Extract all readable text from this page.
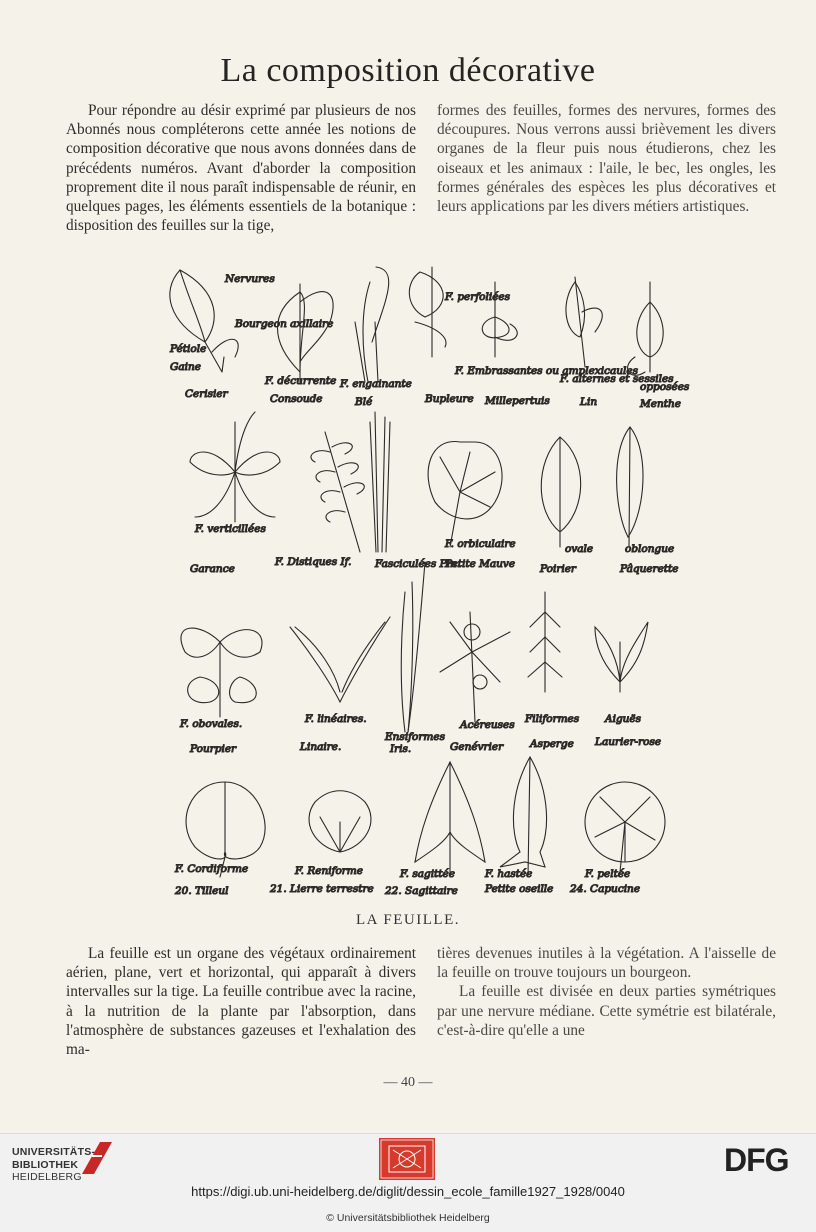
La composition décorative

Pour répondre au désir exprimé par plusieurs de nos Abonnés nous compléterons cette année les notions de composition décorative que nous avons données dans de précédents numéros. Avant d'aborder la composition proprement dite il nous paraît indispensable de réunir, en quelques pages, les éléments essentiels de la botanique : disposition des feuilles sur la tige,

formes des feuilles, formes des nervures, formes des découpures. Nous verrons aussi brièvement les divers organes de la fleur puis nous étudierons, chez les oiseaux et les animaux : l'aile, le bec, les ongles, les formes générales des espèces les plus décoratives et leurs applications par les divers métiers artistiques.

Nervures
Bourgeon axillaire
Pétiole
Gaine
Cerisier
F. décurrente
Consoude
F. engainante
Blé
F. perfoliées
Bupleure
F. Embrassantes ou amplexicaules
Millepertuis
F. alternes et sessiles
Lin
opposées
Menthe
F. verticillées
Garance
F. Distiques If. Fasciculées Pin.
F. orbiculaire
Petite Mauve
ovale
Poirier
oblongue
Pâquerette
F. obovales.
Pourpier
F. linéaires.
Linaire.
Ensiformes
Iris.
Acéreuses
Genévrier
Filiformes
Asperge
Aiguës
Laurier-rose
F. Cordiforme
20. Tilleul
F. Reniforme
21. Lierre terrestre
F. sagittée
22. Sagittaire
F. hastée
Petite oseille
F. peltée
24. Capucine
LA FEUILLE.

La feuille est un organe des végétaux ordinairement aérien, plane, vert et horizontal, qui apparaît à divers intervalles sur la tige. La feuille contribue avec la racine, à la nutrition de la plante par l'absorption, dans l'atmosphère de substances gazeuses et l'exhalation des ma-

tières devenues inutiles à la végétation. A l'aisselle de la feuille on trouve toujours un bourgeon.

La feuille est divisée en deux parties symétriques par une nervure médiane. Cette symétrie est bilatérale, c'est-à-dire qu'elle a une

— 40 —
UNIVERSITÄTS-
BIBLIOTHEK
HEIDELBERG	DFG
https://digi.ub.uni-heidelberg.de/diglit/dessin_ecole_famille1927_1928/0040
© Universitätsbibliothek Heidelberg
